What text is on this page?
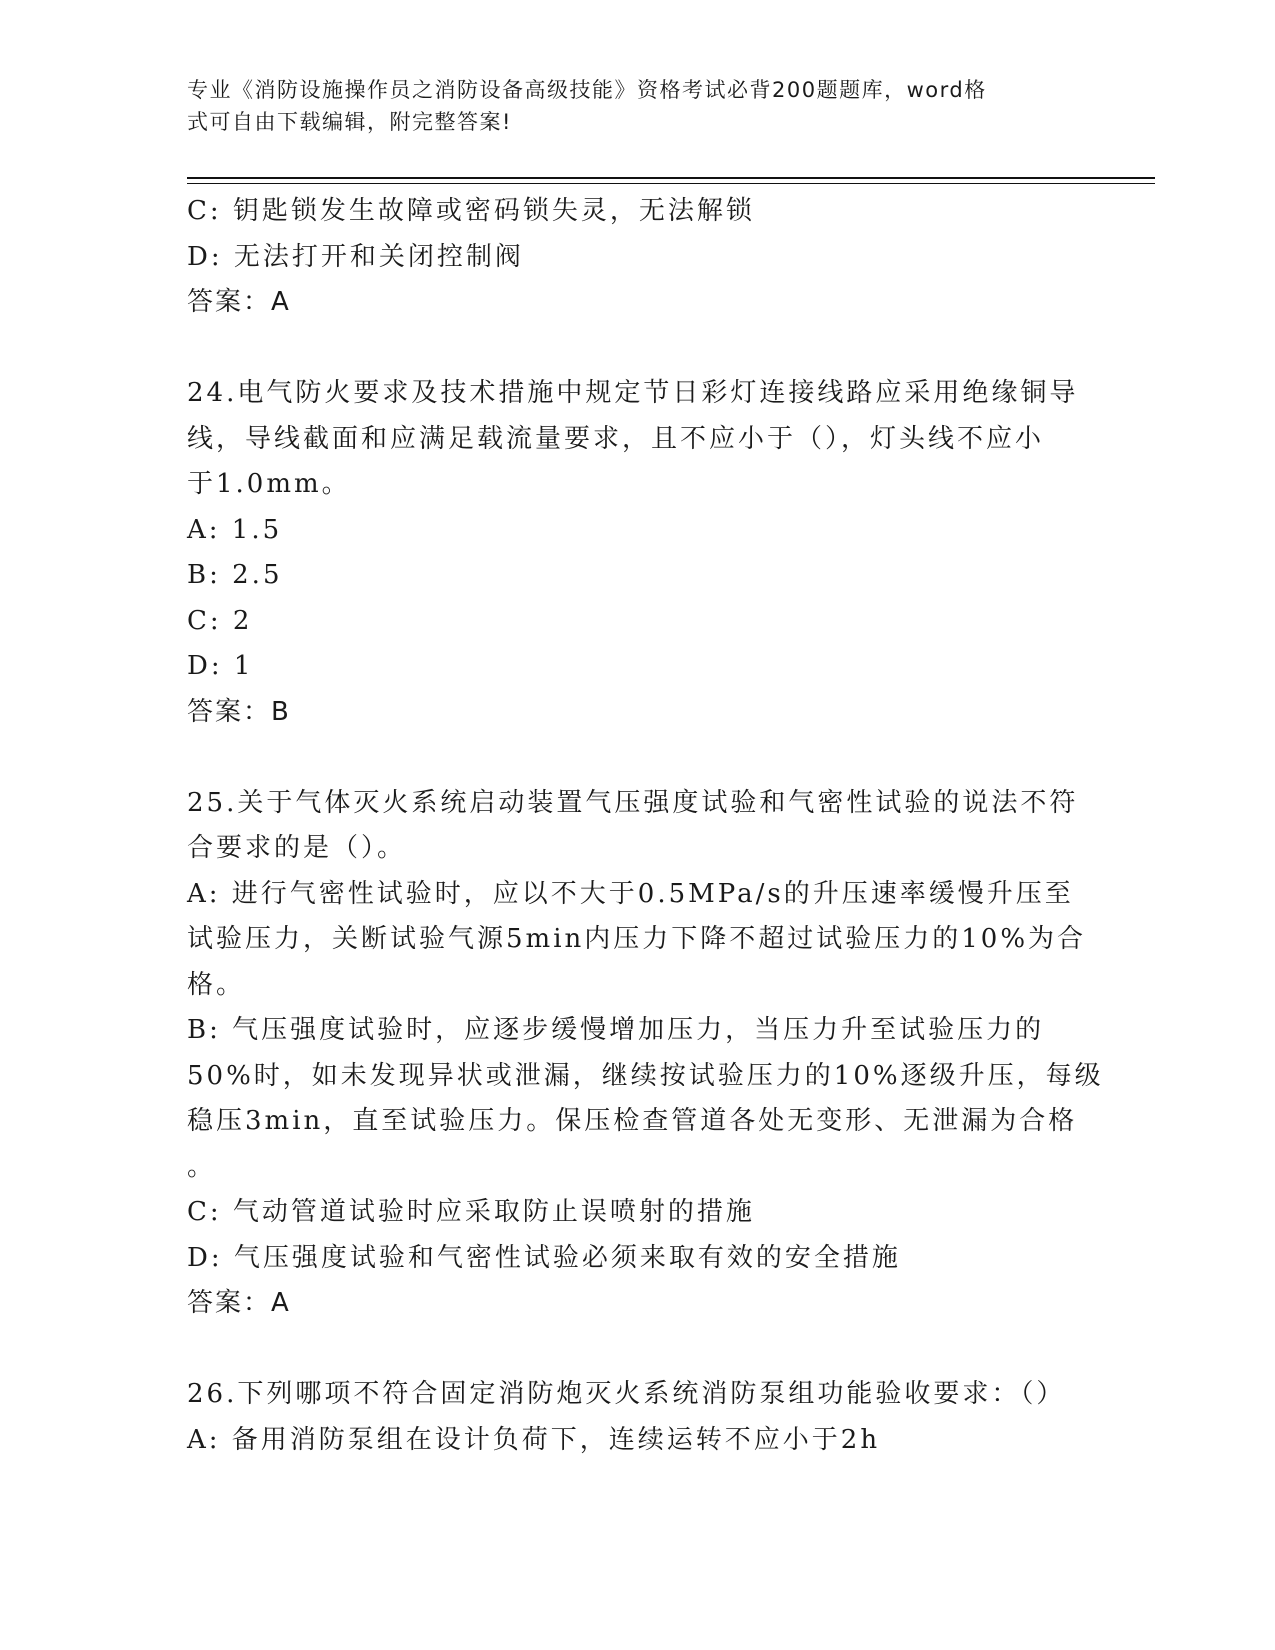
专业《消防设施操作员之消防设备高级技能》资格考试必背200题题库，word格
式可自由下载编辑，附完整答案!
C: 钥匙锁发生故障或密码锁失灵，无法解锁
D: 无法打开和关闭控制阀
答案：A
24.电气防火要求及技术措施中规定节日彩灯连接线路应采用绝缘铜导
线，导线截面和应满足载流量要求，且不应小于（），灯头线不应小
于1.0mm。
A: 1.5
B: 2.5
C: 2
D: 1
答案：B
25.关于气体灭火系统启动装置气压强度试验和气密性试验的说法不符
合要求的是（）。
A: 进行气密性试验时，应以不大于0.5MPa/s的升压速率缓慢升压至
试验压力，关断试验气源5min内压力下降不超过试验压力的10%为合
格。
B: 气压强度试验时，应逐步缓慢增加压力，当压力升至试验压力的
50%时，如未发现异状或泄漏，继续按试验压力的10%逐级升压，每级
稳压3min，直至试验压力。保压检查管道各处无变形、无泄漏为合格
。
C: 气动管道试验时应采取防止误喷射的措施
D: 气压强度试验和气密性试验必须来取有效的安全措施
答案：A
26.下列哪项不符合固定消防炮灭火系统消防泵组功能验收要求：（）
A: 备用消防泵组在设计负荷下，连续运转不应小于2h
